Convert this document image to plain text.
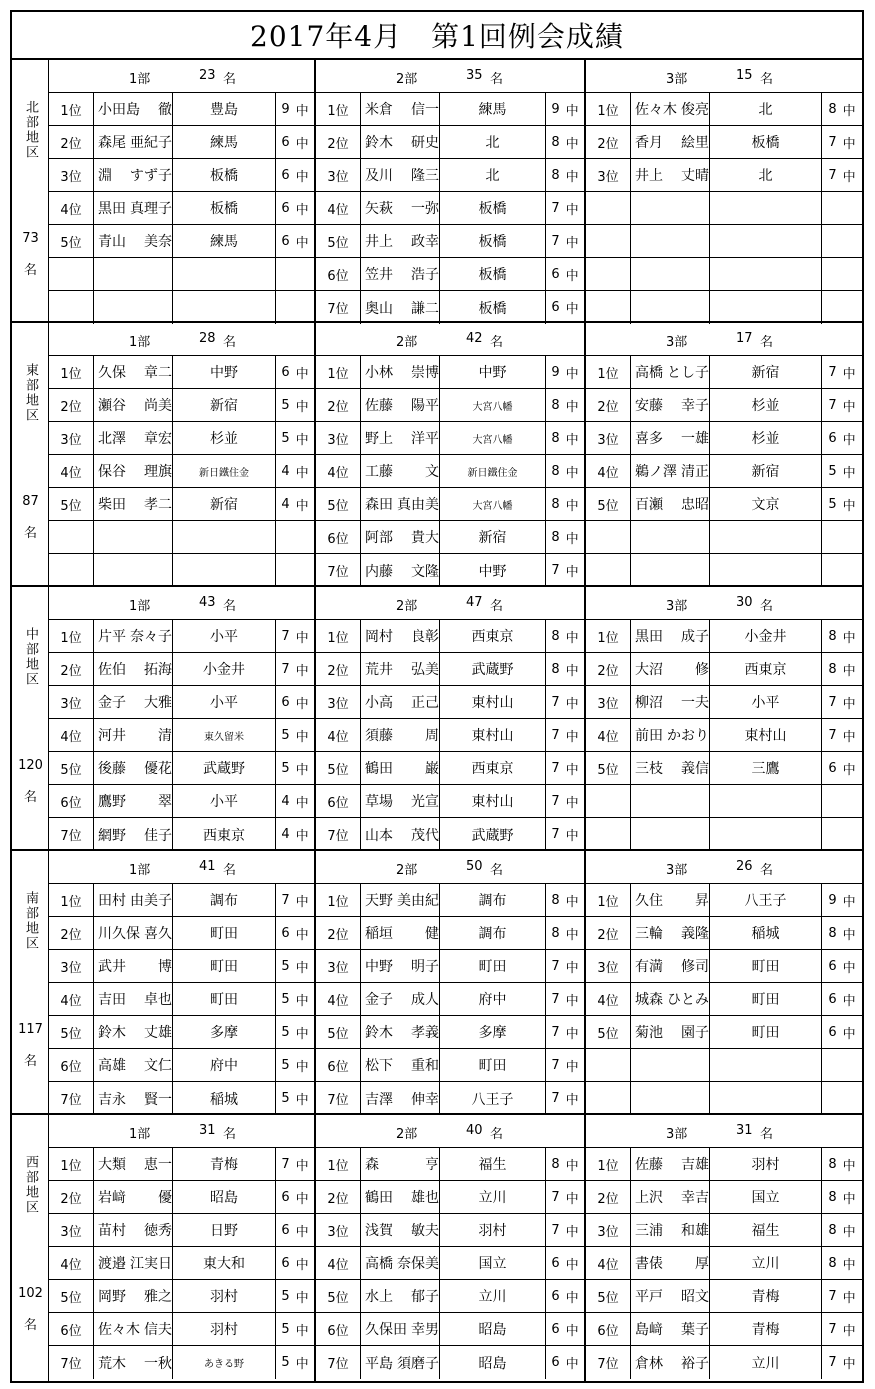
2017年4月　第1回例会成績
北部地区
73
名
1部	23 名
1位	小田島	徹	豊島	9 中
2位	森尾 亜紀子	練馬	6 中
3位	淵	すず子	板橋	6 中
4位	黒田 真理子	板橋	6 中
5位	青山	美奈	練馬	6 中
2部	35 名
1位	米倉	信一	練馬	9 中
2位	鈴木	研史	北	8 中
3位	及川	隆三	北	8 中
4位	矢萩	一弥	板橋	7 中
5位	井上	政幸	板橋	7 中
6位	笠井	浩子	板橋	6 中
7位	奥山	謙二	板橋	6 中
3部	15 名
1位	佐々木 俊亮	北	8 中
2位	香月	絵里	板橋	7 中
3位	井上	丈晴	北	7 中
東部地区
87
名
1部	28 名
1位	久保	章二	中野	6 中
2位	瀬谷	尚美	新宿	5 中
3位	北澤	章宏	杉並	5 中
4位	保谷	理旗	新日鐵住金	4 中
5位	柴田	孝二	新宿	4 中
2部	42 名
1位	小林	崇博	中野	9 中
2位	佐藤	陽平	大宮八幡	8 中
3位	野上	洋平	大宮八幡	8 中
4位	工藤	文	新日鐵住金	8 中
5位	森田 真由美	大宮八幡	8 中
6位	阿部	貴大	新宿	8 中
7位	内藤	文隆	中野	7 中
3部	17 名
1位	高橋 とし子	新宿	7 中
2位	安藤	幸子	杉並	7 中
3位	喜多	一雄	杉並	6 中
4位	鵜ノ澤 清正	新宿	5 中
5位	百瀬	忠昭	文京	5 中
中部地区
120
名
1部	43 名
1位	片平 奈々子	小平	7 中
2位	佐伯	拓海	小金井	7 中
3位	金子	大雅	小平	6 中
4位	河井	清	東久留米	5 中
5位	後藤	優花	武蔵野	5 中
6位	鷹野	翠	小平	4 中
7位	網野	佳子	西東京	4 中
2部	47 名
1位	岡村	良彰	西東京	8 中
2位	荒井	弘美	武蔵野	8 中
3位	小高	正己	東村山	7 中
4位	須藤	周	東村山	7 中
5位	鶴田	巌	西東京	7 中
6位	草場	光宣	東村山	7 中
7位	山本	茂代	武蔵野	7 中
3部	30 名
1位	黒田	成子	小金井	8 中
2位	大沼	修	西東京	8 中
3位	柳沼	一夫	小平	7 中
4位	前田 かおり	東村山	7 中
5位	三枝	義信	三鷹	6 中
南部地区
117
名
1部	41 名
1位	田村 由美子	調布	7 中
2位	川久保 喜久	町田	6 中
3位	武井	博	町田	5 中
4位	吉田	卓也	町田	5 中
5位	鈴木	丈雄	多摩	5 中
6位	高雄	文仁	府中	5 中
7位	吉永	賢一	稲城	5 中
2部	50 名
1位	天野 美由紀	調布	8 中
2位	稲垣	健	調布	8 中
3位	中野	明子	町田	7 中
4位	金子	成人	府中	7 中
5位	鈴木	孝義	多摩	7 中
6位	松下	重和	町田	7 中
7位	吉澤	伸幸	八王子	7 中
3部	26 名
1位	久住	昇	八王子	9 中
2位	三輪	義隆	稲城	8 中
3位	有満	修司	町田	6 中
4位	城森 ひとみ	町田	6 中
5位	菊池	園子	町田	6 中
西部地区
102
名
1部	31 名
1位	大類	恵一	青梅	7 中
2位	岩﨑	優	昭島	6 中
3位	苗村	徳秀	日野	6 中
4位	渡邉 江実日	東大和	6 中
5位	岡野	雅之	羽村	5 中
6位	佐々木 信夫	羽村	5 中
7位	荒木	一秋	あきる野	5 中
2部	40 名
1位	森	亨	福生	8 中
2位	鶴田	雄也	立川	7 中
3位	浅賀	敏夫	羽村	7 中
4位	高橋 奈保美	国立	6 中
5位	水上	郁子	立川	6 中
6位	久保田 幸男	昭島	6 中
7位	平島 須磨子	昭島	6 中
3部	31 名
1位	佐藤	吉雄	羽村	8 中
2位	上沢	幸吉	国立	8 中
3位	三浦	和雄	福生	8 中
4位	書俵	厚	立川	8 中
5位	平戸	昭文	青梅	7 中
6位	島﨑	葉子	青梅	7 中
7位	倉林	裕子	立川	7 中
